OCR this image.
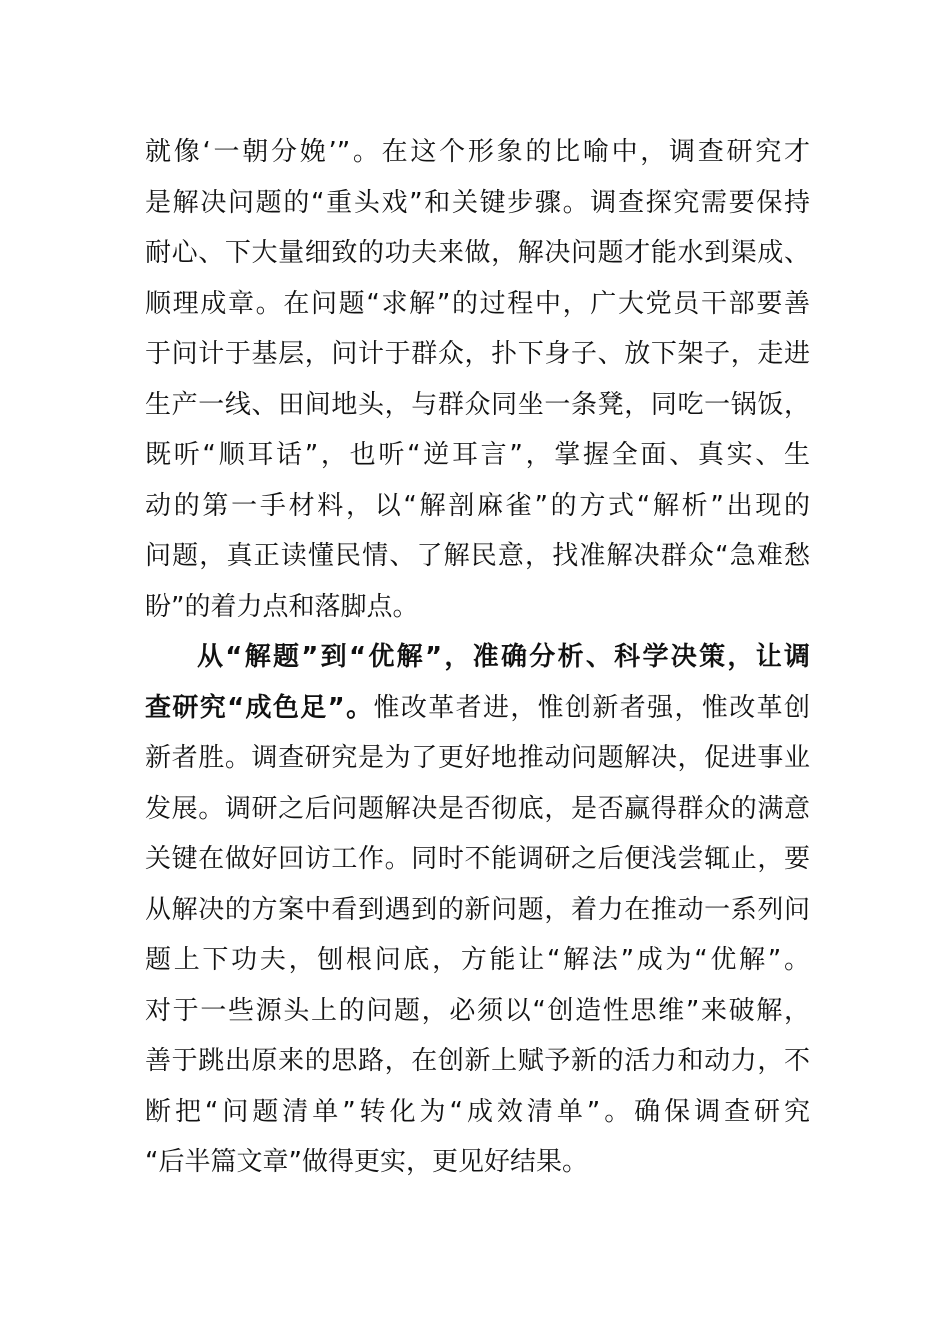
就像‘一朝分娩’”。在这个形象的比喻中，调查研究才
是解决问题的“重头戏”和关键步骤。调查探究需要保持
耐心、下大量细致的功夫来做，解决问题才能水到渠成、
顺理成章。在问题“求解”的过程中，广大党员干部要善
于问计于基层，问计于群众，扑下身子、放下架子，走进
生产一线、田间地头，与群众同坐一条凳，同吃一锅饭，
既听“顺耳话”，也听“逆耳言”，掌握全面、真实、生
动的第一手材料，以“解剖麻雀”的方式“解析”出现的
问题，真正读懂民情、了解民意，找准解决群众“急难愁
盼”的着力点和落脚点。
从“解题”到“优解”，准确分析、科学决策，让调
查研究“成色足”。惟改革者进，惟创新者强，惟改革创
新者胜。调查研究是为了更好地推动问题解决，促进事业
发展。调研之后问题解决是否彻底，是否赢得群众的满意
关键在做好回访工作。同时不能调研之后便浅尝辄止，要
从解决的方案中看到遇到的新问题，着力在推动一系列问
题上下功夫，刨根问底，方能让“解法”成为“优解”。
对于一些源头上的问题，必须以“创造性思维”来破解，
善于跳出原来的思路，在创新上赋予新的活力和动力，不
断把“问题清单”转化为“成效清单”。确保调查研究
“后半篇文章”做得更实，更见好结果。
